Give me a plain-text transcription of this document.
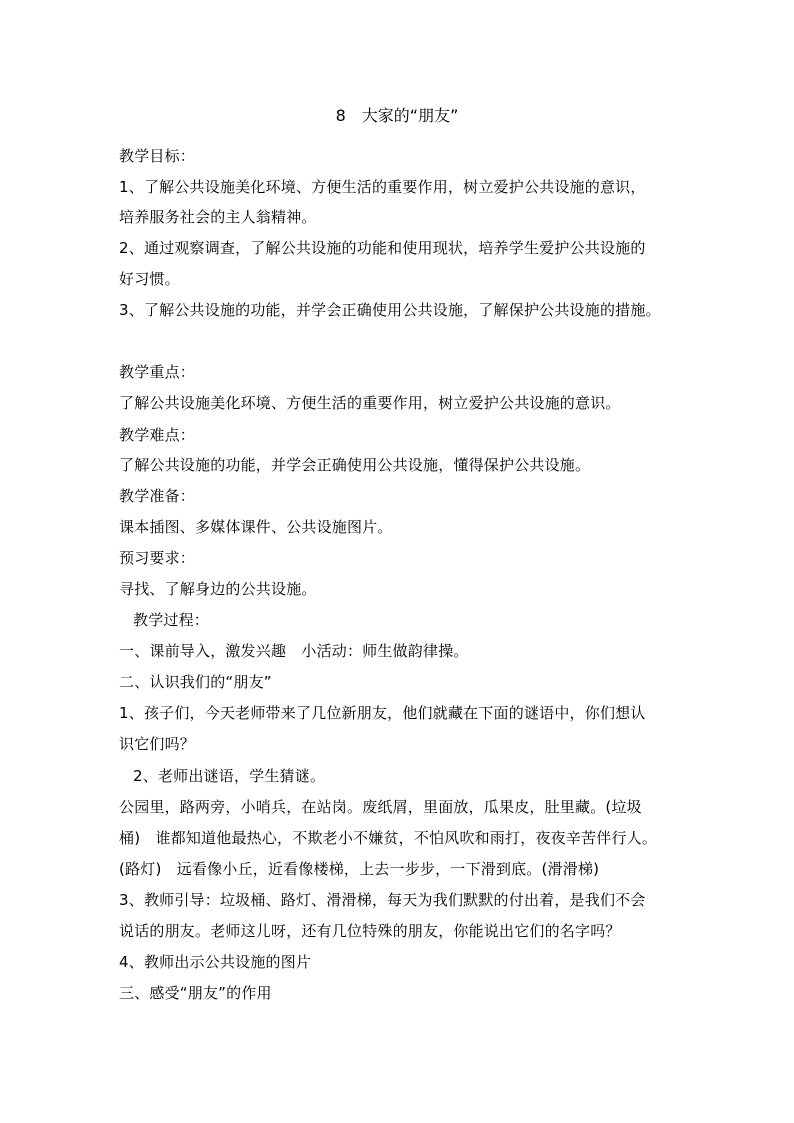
8　大家的“朋友”
教学目标：
1、了解公共设施美化环境、方便生活的重要作用，树立爱护公共设施的意识，
培养服务社会的主人翁精神。
2、通过观察调查，了解公共设施的功能和使用现状，培养学生爱护公共设施的
好习惯。
3、了解公共设施的功能，并学会正确使用公共设施，了解保护公共设施的措施。
教学重点：
了解公共设施美化环境、方便生活的重要作用，树立爱护公共设施的意识。
教学难点：
了解公共设施的功能，并学会正确使用公共设施，懂得保护公共设施。
教学准备：
课本插图、多媒体课件、公共设施图片。
预习要求：
寻找、了解身边的公共设施。
教学过程：
一、课前导入，激发兴趣　小活动：师生做韵律操。
二、认识我们的“朋友”
1、孩子们，今天老师带来了几位新朋友，他们就藏在下面的谜语中，你们想认
识它们吗？
2、老师出谜语，学生猜谜。
公园里，路两旁，小哨兵，在站岗。废纸屑，里面放，瓜果皮，肚里藏。(垃圾
桶)　谁都知道他最热心，不欺老小不嫌贫，不怕风吹和雨打，夜夜辛苦伴行人。
(路灯)　远看像小丘，近看像楼梯，上去一步步，一下滑到底。(滑滑梯)
3、教师引导：垃圾桶、路灯、滑滑梯，每天为我们默默的付出着，是我们不会
说话的朋友。老师这儿呀，还有几位特殊的朋友，你能说出它们的名字吗？
4、教师出示公共设施的图片
三、感受“朋友”的作用
